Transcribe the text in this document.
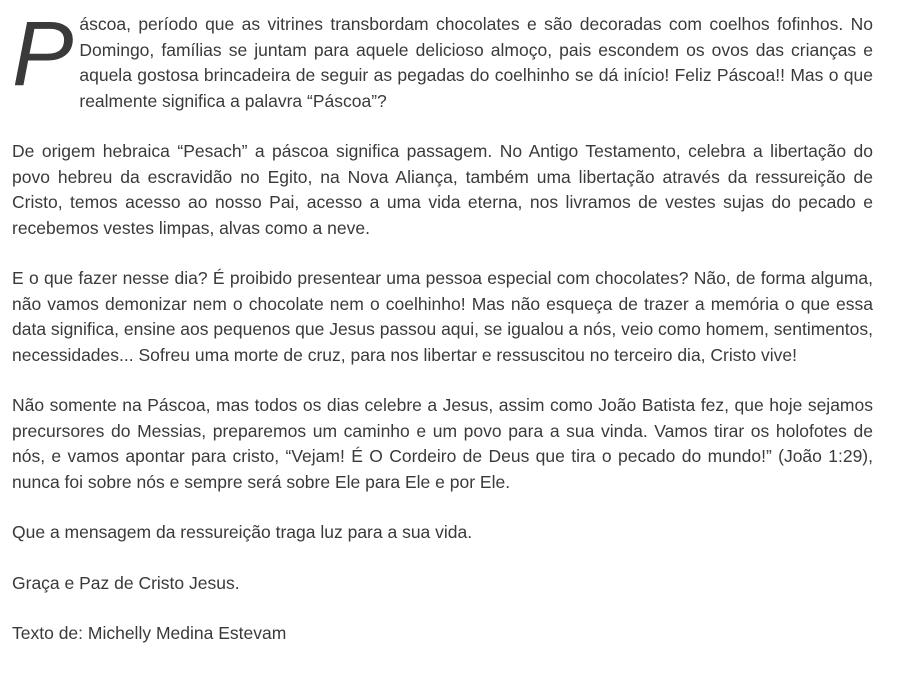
Páscoa, período que as vitrines transbordam chocolates e são decoradas com coelhos fofinhos. No Domingo, famílias se juntam para aquele delicioso almoço, pais escondem os ovos das crianças e aquela gostosa brincadeira de seguir as pegadas do coelhinho se dá início! Feliz Páscoa!! Mas o que realmente significa a palavra “Páscoa”?

De origem hebraica “Pesach” a páscoa significa passagem. No Antigo Testamento, celebra a libertação do povo hebreu da escravidão no Egito, na Nova Aliança, também uma libertação através da ressureição de Cristo, temos acesso ao nosso Pai, acesso a uma vida eterna, nos livramos de vestes sujas do pecado e recebemos vestes limpas, alvas como a neve.

E o que fazer nesse dia? É proibido presentear uma pessoa especial com chocolates? Não, de forma alguma, não vamos demonizar nem o chocolate nem o coelhinho! Mas não esqueça de trazer a memória o que essa data significa, ensine aos pequenos que Jesus passou aqui, se igualou a nós, veio como homem, sentimentos, necessidades... Sofreu uma morte de cruz, para nos libertar e ressuscitou no terceiro dia, Cristo vive!

Não somente na Páscoa, mas todos os dias celebre a Jesus, assim como João Batista fez, que hoje sejamos precursores do Messias, preparemos um caminho e um povo para a sua vinda. Vamos tirar os holofotes de nós, e vamos apontar para cristo, “Vejam! É O Cordeiro de Deus que tira o pecado do mundo!” (João 1:29), nunca foi sobre nós e sempre será sobre Ele para Ele e por Ele.

Que a mensagem da ressureição traga luz para a sua vida.

Graça e Paz de Cristo Jesus.

Texto de: Michelly Medina Estevam
